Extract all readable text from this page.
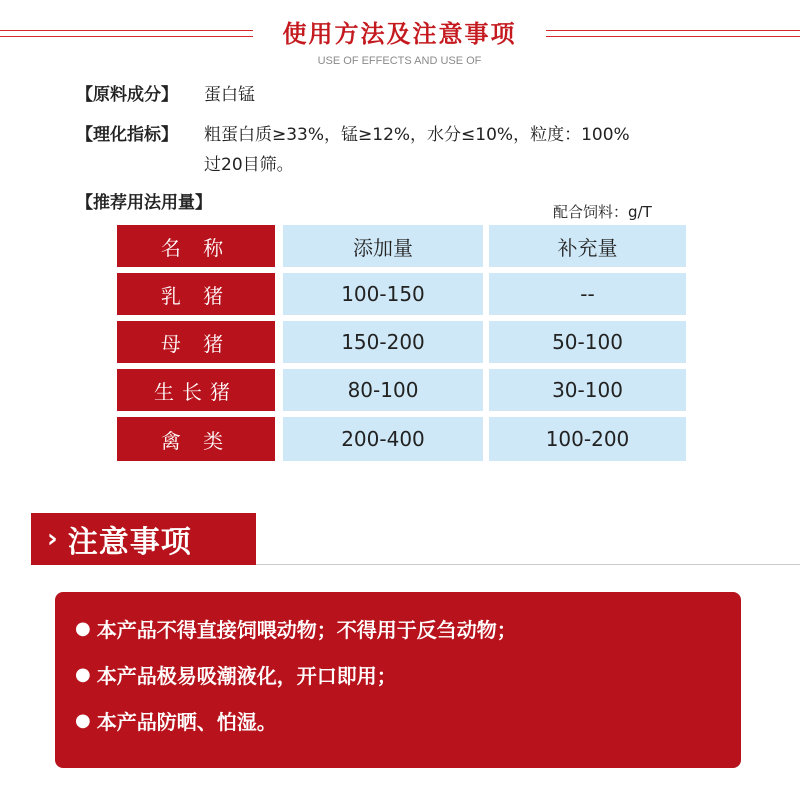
使用方法及注意事项
USE OF EFFECTS AND USE OF
【原料成分】 蛋白锰
【理化指标】 粗蛋白质≥33%，锰≥12%，水分≤10%，粒度：100%
过20目筛。
【推荐用法用量】	配合饲料：g/T
名 称	添加量	补充量
乳 猪	100-150	--
母 猪	150-200	50-100
生长猪	80-100	30-100
禽 类	200-400	100-200
› 注意事项
● 本产品不得直接饲喂动物；不得用于反刍动物；
● 本产品极易吸潮液化，开口即用；
● 本产品防晒、怕湿。
